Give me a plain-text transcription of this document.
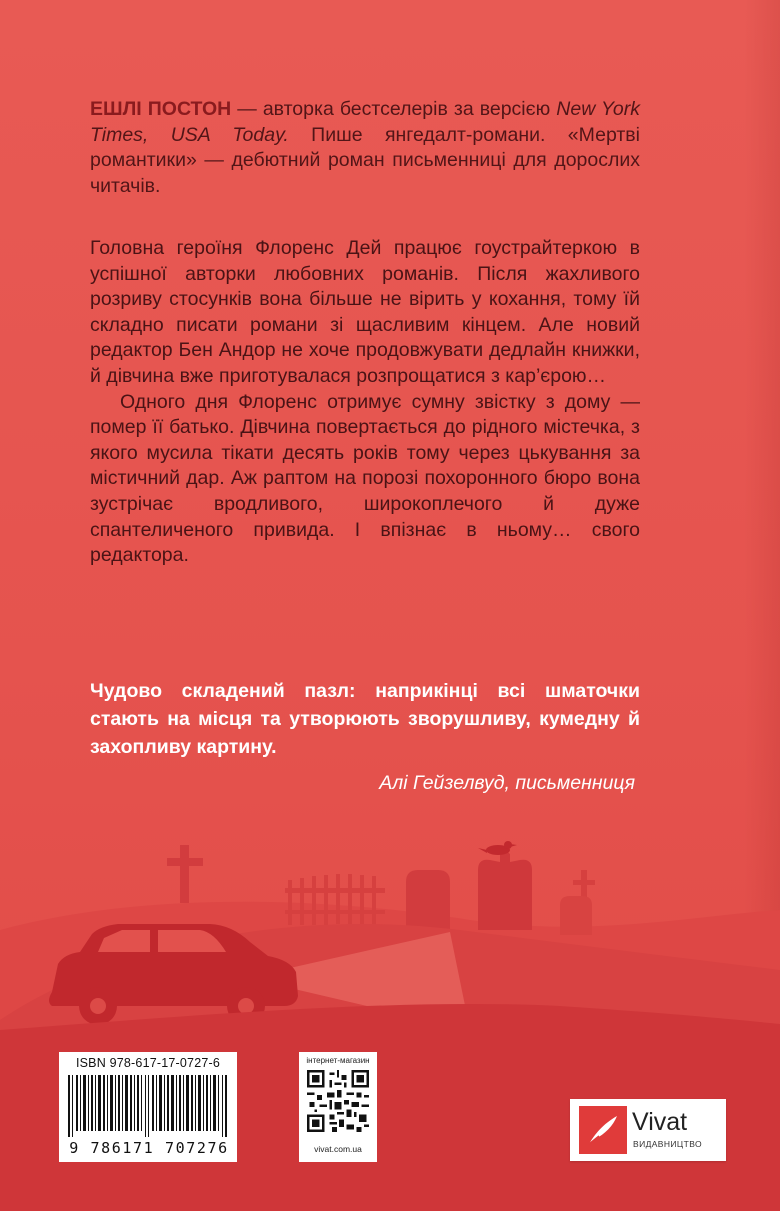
ЕШЛІ ПОСТОН — авторка бестселерів за версією New York Times, USA Today. Пише янгедалт-романи. «Мертві романтики» — дебютний роман письменниці для дорослих читачів.

Головна героїня Флоренс Дей працює гоустрайтеркою в успішної авторки любовних романів. Після жахливого розриву стосунків вона більше не вірить у кохання, тому їй складно писати романи зі щасливим кінцем. Але новий редактор Бен Андор не хоче продовжувати дедлайн книжки, й дівчина вже приготувалася розпрощатися з кар’єрою…

Одного дня Флоренс отримує сумну звістку з дому — помер її батько. Дівчина повертається до рідного містечка, з якого мусила тікати десять років тому через цькування за містичний дар. Аж раптом на порозі похоронного бюро вона зустрічає вродливого, широкоплечого й дуже спантеличеного привида. І впізнає в ньому… свого редактора.

Чудово складений пазл: наприкінці всі шматочки стають на місця та утворюють зворушливу, кумедну й захопливу картину.
Алі Гейзелвуд, письменниця
ISBN 978-617-17-0727-6
9 786171 707276
інтернет-магазин
vivat.com.ua
Vivat
ВИДАВНИЦТВО
